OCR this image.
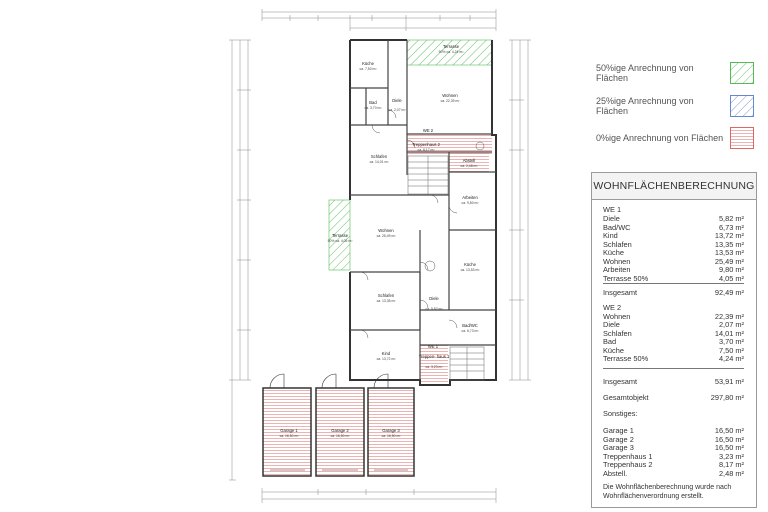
Terrasse
50% ca. 4,24 m²
Küche
ca. 7,50 m²
Wohnen
ca. 22,39 m²
Bad
ca. 3,70 m²
Diele
ca. 2,07 m²
WE 2
Treppenhaus 2
ca. 8,17 m²
Abstell
ca. 2,48 m²
Schlafen
ca. 14,01 m²
Arbeiten
ca. 9,80 m²
Terrasse
50% ca. 4,05 m²
Wohnen
ca. 25,49 m²
Küche
ca. 13,53 m²
Schlafen
ca. 13,35 m²	Diele
ca. 5,82 m²
Bad/WC
ca. 6,73 m²
Kind
ca. 13,72 m²
WE 1
Treppen- haus 1
ca. 3,23 m²
Garage 1
ca. 16,50 m²
Garage 2
ca. 16,50 m²
Garage 3
ca. 16,50 m²
50%ige Anrechnung von Flächen
25%ige Anrechnung von Flächen
0%ige Anrechnung von Flächen
WOHNFLÄCHENBERECHNUNG
WE 1
Diele	5,82 m²
Bad/WC	6,73 m²
Kind	13,72 m²
Schlafen	13,35 m²
Küche	13,53 m²
Wohnen	25,49 m²
Arbeiten	9,80 m²
Terrasse 50%	4,05 m²
Insgesamt	92,49 m²
WE 2
Wohnen	22,39 m²
Diele	2,07 m²
Schlafen	14,01 m²
Bad	3,70 m²
Küche	7,50 m²
Terrasse 50%	4,24 m²
Insgesamt	53,91 m²
Gesamtobjekt	297,80 m²
Sonstiges:
Garage 1	16,50 m²
Garage 2	16,50 m²
Garage 3	16,50 m²
Treppenhaus 1	3,23 m²
Treppenhaus 2	8,17 m²
Abstell.	2,48 m²
Die Wohnflächenberechnung wurde nach Wohnflächenverordnung erstellt.
